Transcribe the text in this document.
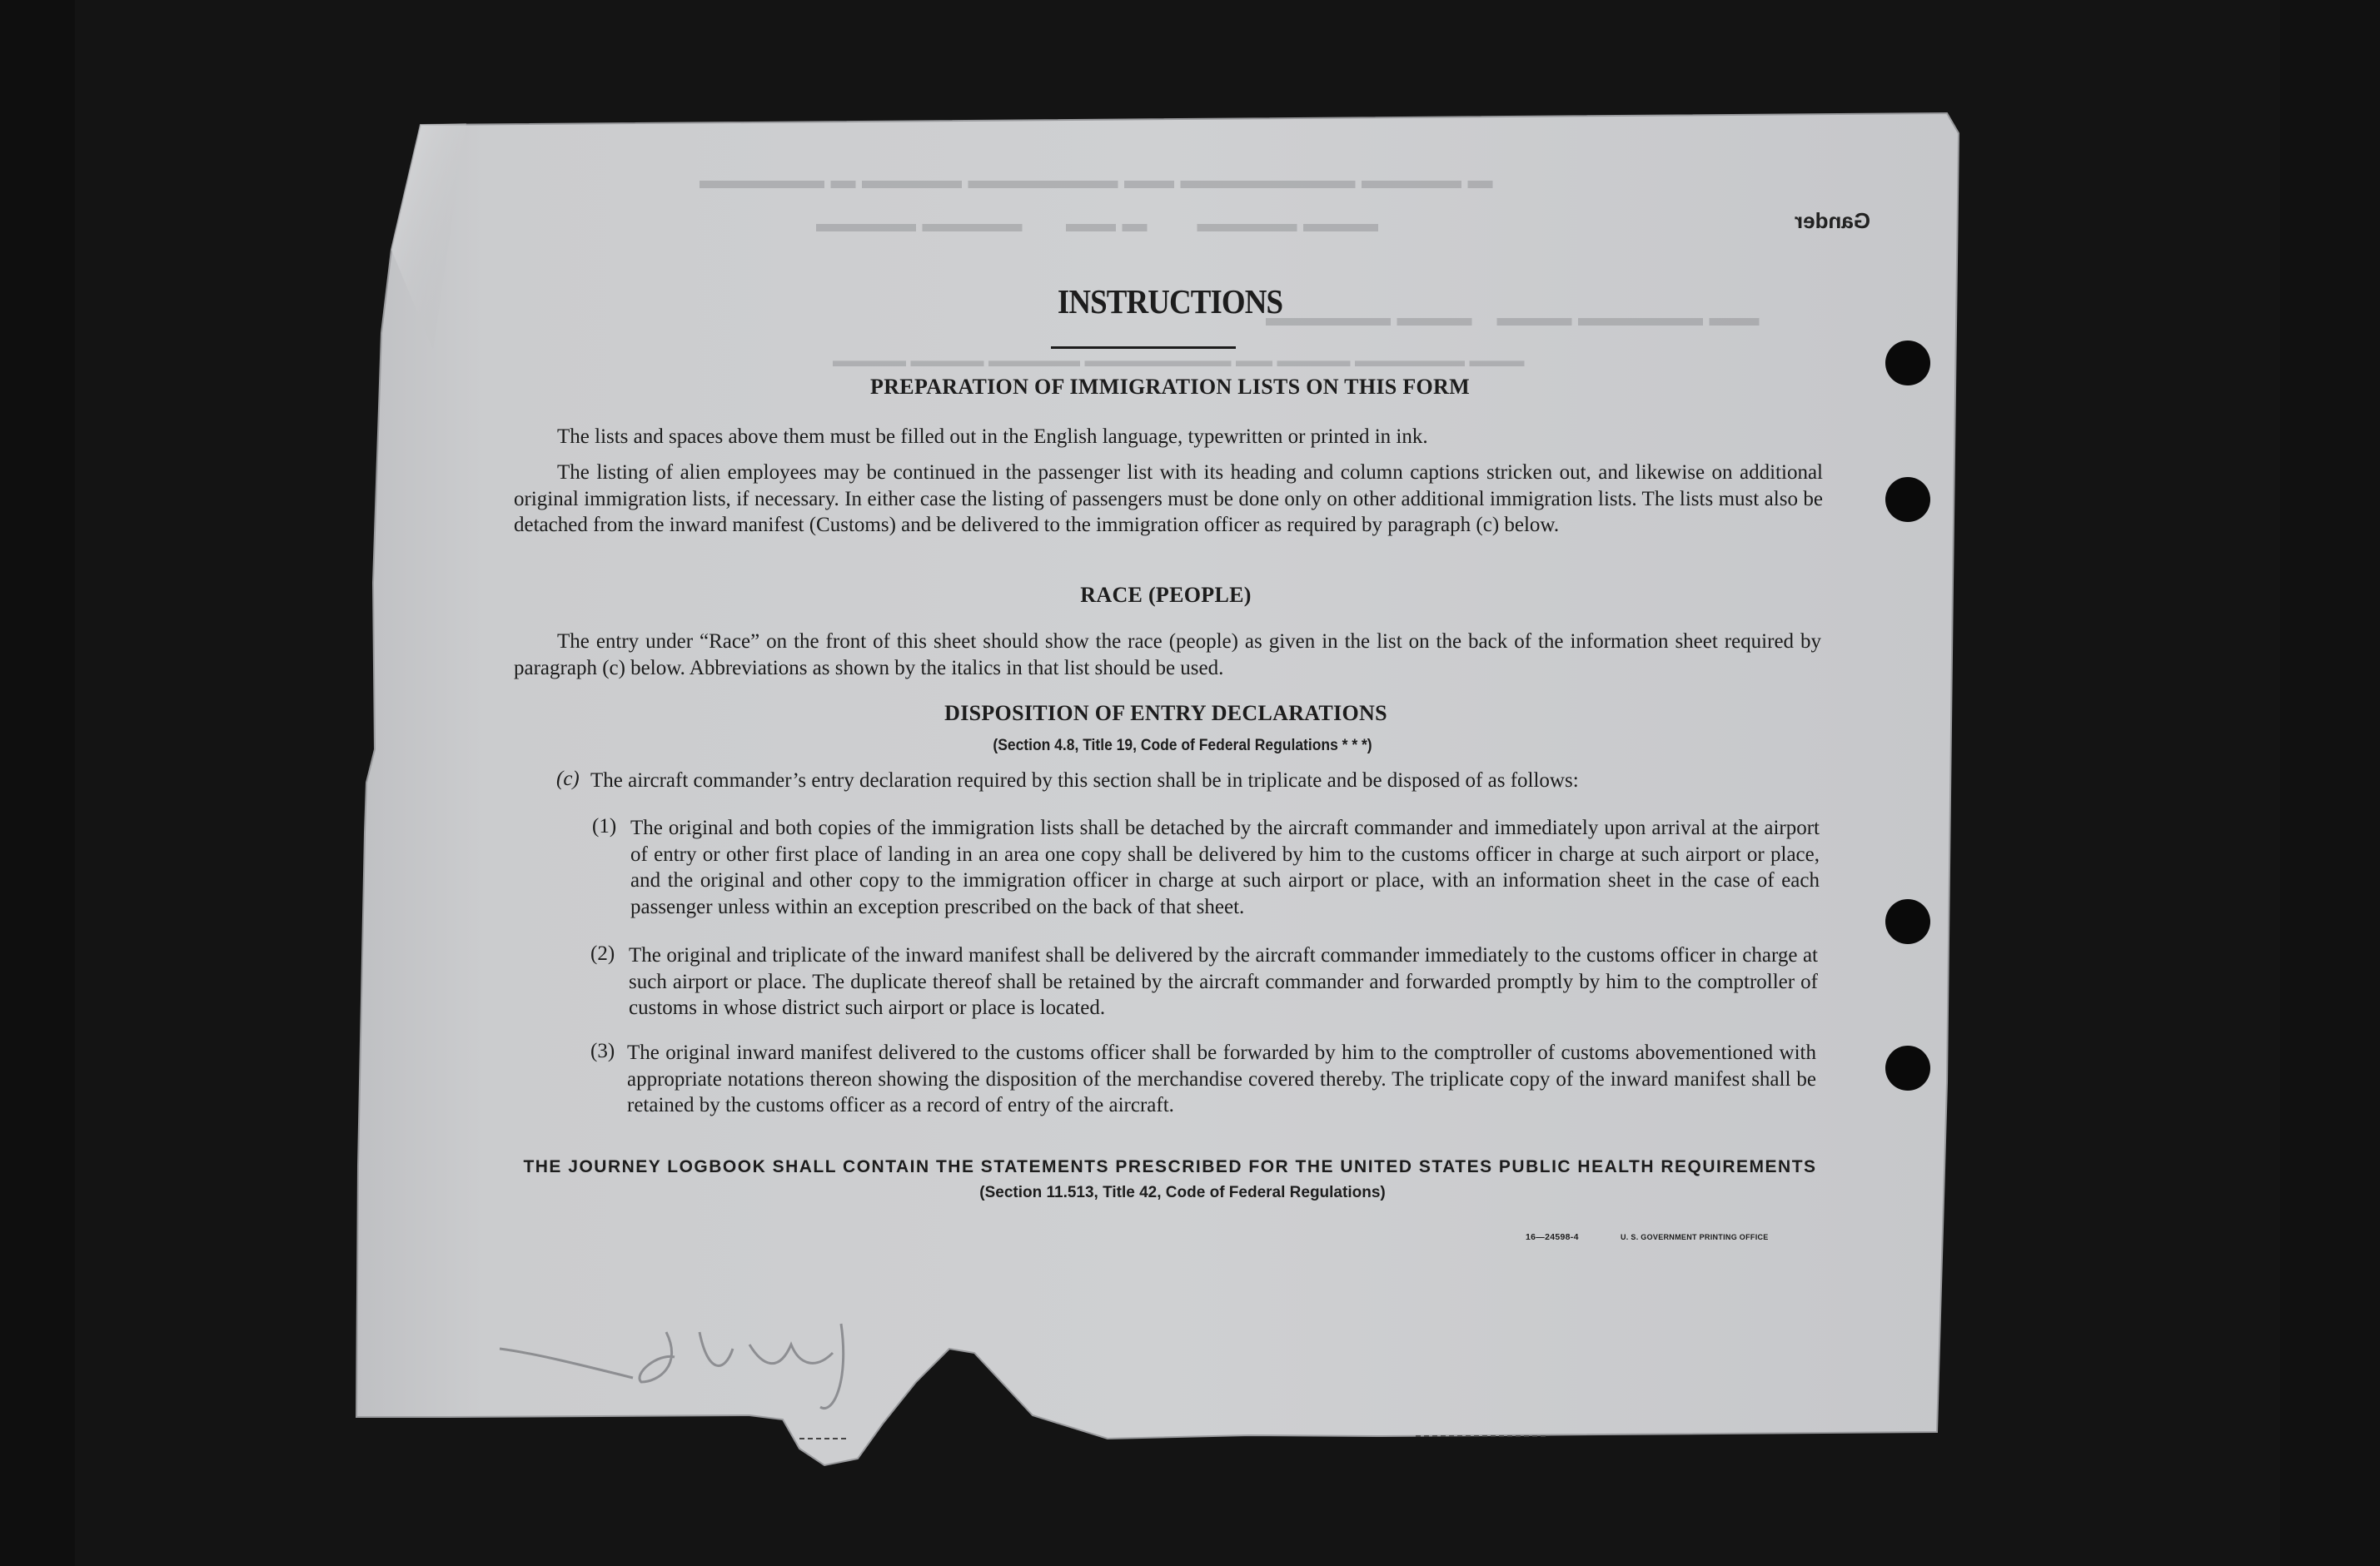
Gander
▬ ▬▬▬▬ ▬▬▬▬▬▬▬ ▬▬ ▬▬▬▬▬▬ ▬▬▬▬ ▬ ▬▬▬▬▬
▬▬▬ ▬▬▬▬        ▬ ▬▬       ▬▬▬▬ ▬▬▬▬
▬▬ ▬▬▬▬▬ ▬▬▬    ▬▬▬ ▬▬▬▬▬
▬▬▬ ▬▬▬▬▬▬ ▬▬▬▬ ▬▬ ▬▬▬▬▬▬▬▬ ▬▬▬▬▬ ▬▬▬▬ ▬▬▬▬
INSTRUCTIONS
PREPARATION OF IMMIGRATION LISTS ON THIS FORM
The lists and spaces above them must be filled out in the English language, typewritten or printed in ink.
The listing of alien employees may be continued in the passenger list with its heading and column captions stricken out, and likewise on additional original immigration lists, if necessary. In either case the listing of passengers must be done only on other additional immigration lists. The lists must also be detached from the inward manifest (Customs) and be delivered to the immigration officer as required by paragraph (c) below.
RACE (PEOPLE)
The entry under “Race” on the front of this sheet should show the race (people) as given in the list on the back of the information sheet required by paragraph (c) below. Abbreviations as shown by the italics in that list should be used.
DISPOSITION OF ENTRY DECLARATIONS
(Section 4.8, Title 19, Code of Federal Regulations * * *)
(c) The aircraft commander’s entry declaration required by this section shall be in triplicate and be disposed of as follows:
(1) The original and both copies of the immigration lists shall be detached by the aircraft commander and immediately upon arrival at the airport of entry or other first place of landing in an area one copy shall be delivered by him to the customs officer in charge at such airport or place, and the original and other copy to the immigration officer in charge at such airport or place, with an information sheet in the case of each passenger unless within an exception prescribed on the back of that sheet.
(2) The original and triplicate of the inward manifest shall be delivered by the aircraft commander immediately to the customs officer in charge at such airport or place. The duplicate thereof shall be retained by the aircraft commander and forwarded promptly by him to the comptroller of customs in whose district such airport or place is located.
(3) The original inward manifest delivered to the customs officer shall be forwarded by him to the comptroller of customs abovementioned with appropriate notations thereon showing the disposition of the merchandise covered thereby. The triplicate copy of the inward manifest shall be retained by the customs officer as a record of entry of the aircraft.
THE JOURNEY LOGBOOK SHALL CONTAIN THE STATEMENTS PRESCRIBED FOR THE UNITED STATES PUBLIC HEALTH REQUIREMENTS
(Section 11.513, Title 42, Code of Federal Regulations)
16—24598-4	U. S. GOVERNMENT PRINTING OFFICE
